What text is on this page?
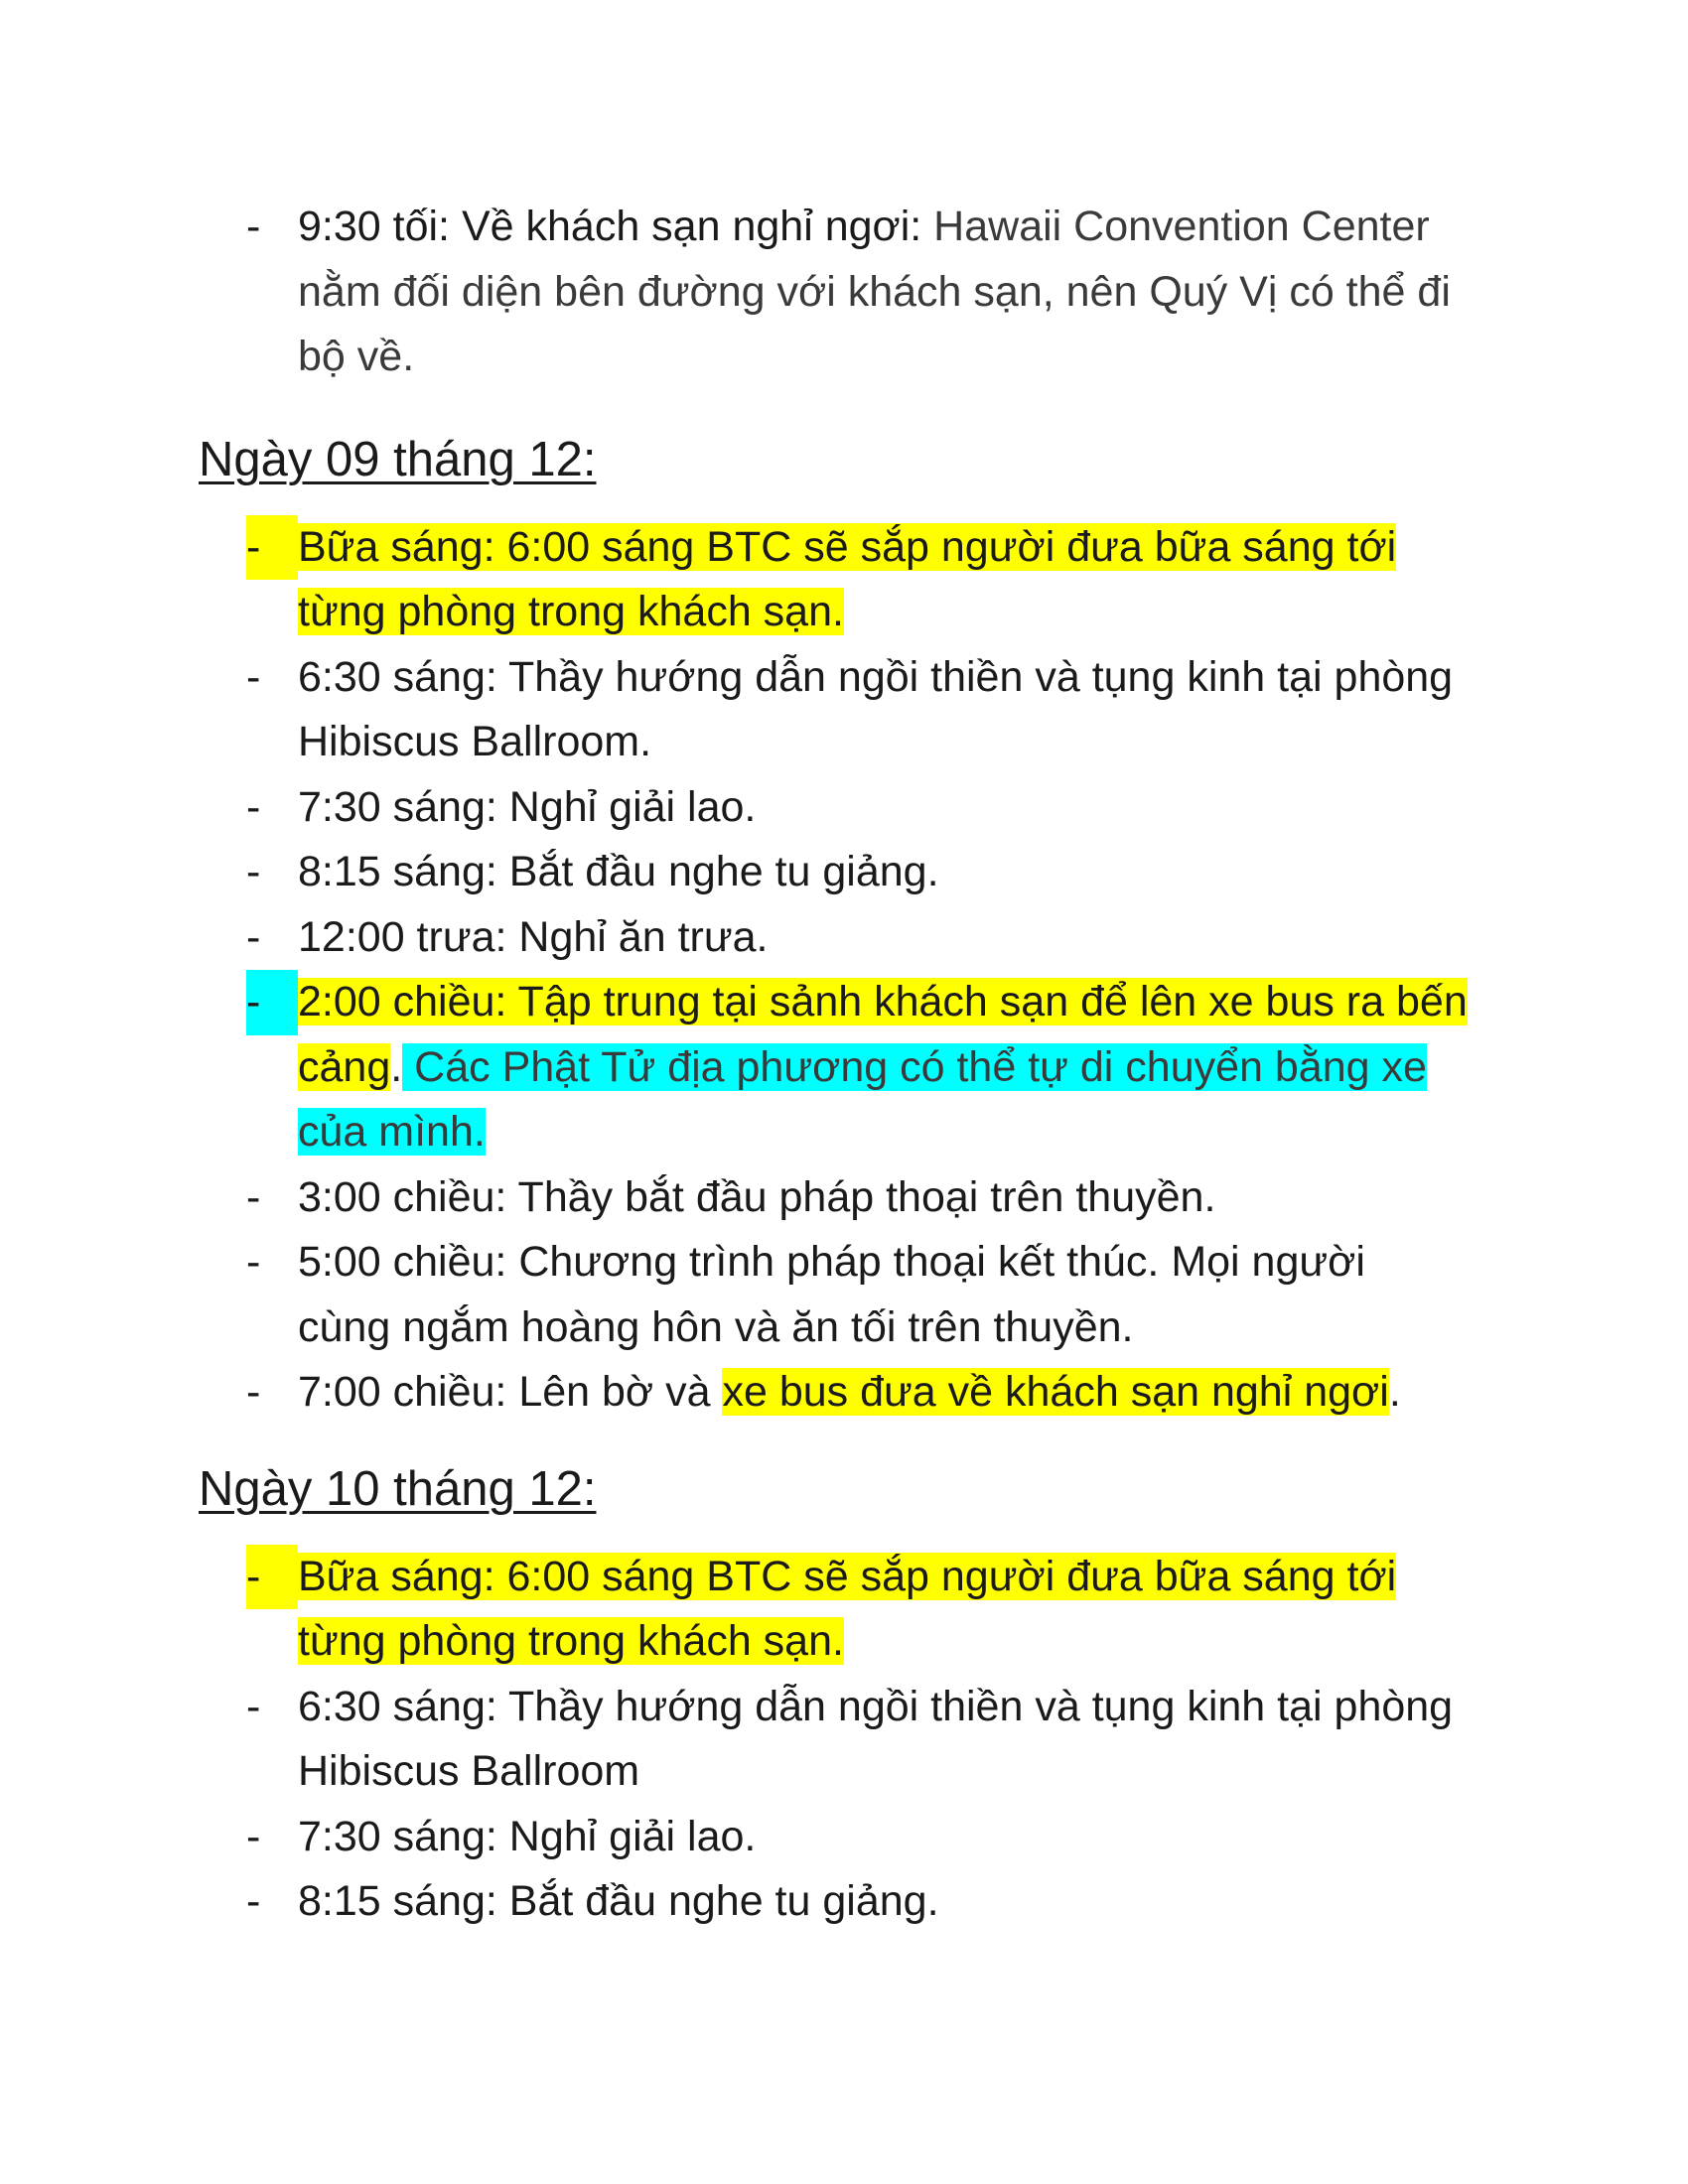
- 9:30 tối: Về khách sạn nghỉ ngơi: Hawaii Convention Center nằm đối diện bên đường với khách sạn, nên Quý Vị có thể đi bộ về.
Ngày 09 tháng 12:
- Bữa sáng: 6:00 sáng BTC sẽ sắp người đưa bữa sáng tới từng phòng trong khách sạn.
- 6:30 sáng: Thầy hướng dẫn ngồi thiền và tụng kinh tại phòng Hibiscus Ballroom.
- 7:30 sáng: Nghỉ giải lao.
- 8:15 sáng: Bắt đầu nghe tu giảng.
- 12:00 trưa: Nghỉ ăn trưa.
- 2:00 chiều: Tập trung tại sảnh khách sạn để lên xe bus ra bến cảng. Các Phật Tử địa phương có thể tự di chuyển bằng xe của mình.
- 3:00 chiều: Thầy bắt đầu pháp thoại trên thuyền.
- 5:00 chiều: Chương trình pháp thoại kết thúc. Mọi người cùng ngắm hoàng hôn và ăn tối trên thuyền.
- 7:00 chiều: Lên bờ và xe bus đưa về khách sạn nghỉ ngơi.
Ngày 10 tháng 12:
- Bữa sáng: 6:00 sáng BTC sẽ sắp người đưa bữa sáng tới từng phòng trong khách sạn.
- 6:30 sáng: Thầy hướng dẫn ngồi thiền và tụng kinh tại phòng Hibiscus Ballroom
- 7:30 sáng: Nghỉ giải lao.
- 8:15 sáng: Bắt đầu nghe tu giảng.
